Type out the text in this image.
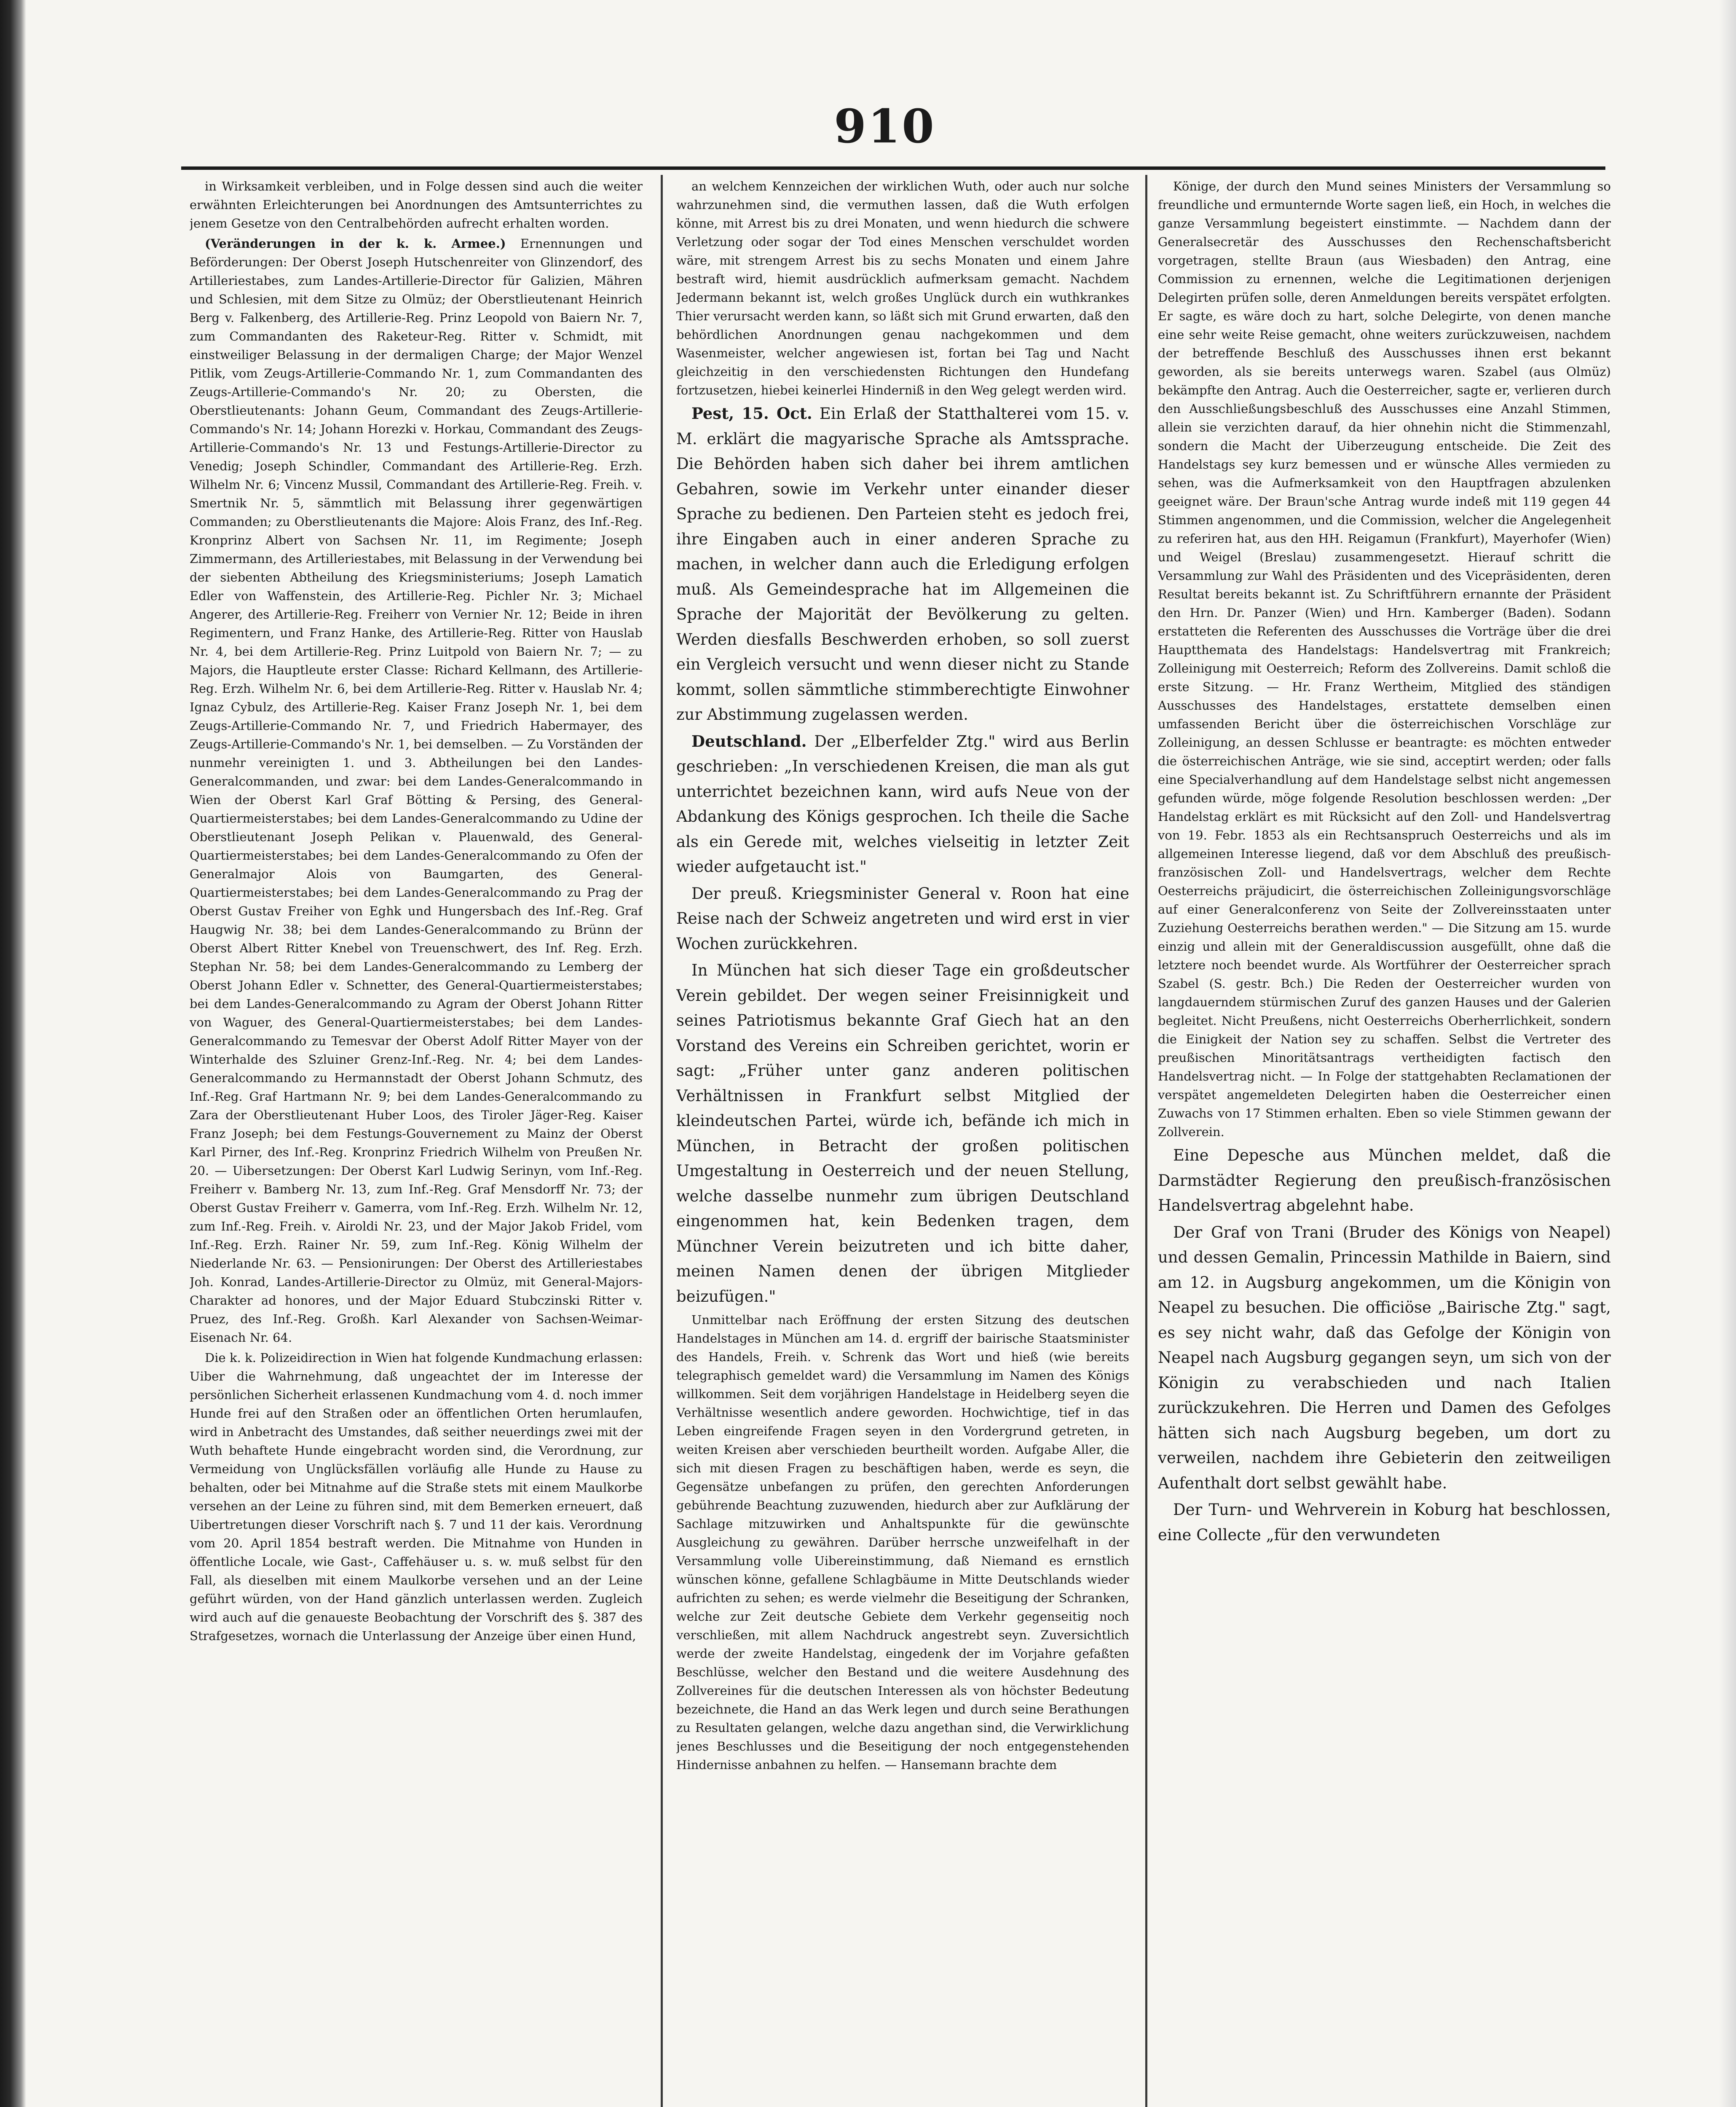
910

in Wirksamkeit verbleiben, und in Folge dessen sind auch die weiter erwähnten Erleichterungen bei Anordnungen des Amtsunterrichtes zu jenem Gesetze von den Centralbehörden aufrecht erhalten worden.

(Veränderungen in der k. k. Armee.) Ernennungen und Beförderungen: Der Oberst Joseph Hutschenreiter von Glinzendorf, des Artilleriestabes, zum Landes-Artillerie-Director für Galizien, Mähren und Schlesien, mit dem Sitze zu Olmüz; der Oberstlieutenant Heinrich Berg v. Falkenberg, des Artillerie-Reg. Prinz Leopold von Baiern Nr. 7, zum Commandanten des Raketeur-Reg. Ritter v. Schmidt, mit einstweiliger Belassung in der dermaligen Charge; der Major Wenzel Pitlik, vom Zeugs-Artillerie-Commando Nr. 1, zum Commandanten des Zeugs-Artillerie-Commando's Nr. 20; zu Obersten, die Oberstlieutenants: Johann Geum, Commandant des Zeugs-Artillerie-Commando's Nr. 14; Johann Horezki v. Horkau, Commandant des Zeugs-Artillerie-Commando's Nr. 13 und Festungs-Artillerie-Director zu Venedig; Joseph Schindler, Commandant des Artillerie-Reg. Erzh. Wilhelm Nr. 6; Vincenz Mussil, Commandant des Artillerie-Reg. Freih. v. Smertnik Nr. 5, sämmtlich mit Belassung ihrer gegenwärtigen Commanden; zu Oberstlieutenants die Majore: Alois Franz, des Inf.-Reg. Kronprinz Albert von Sachsen Nr. 11, im Regimente; Joseph Zimmermann, des Artilleriestabes, mit Belassung in der Verwendung bei der siebenten Abtheilung des Kriegsministeriums; Joseph Lamatich Edler von Waffenstein, des Artillerie-Reg. Pichler Nr. 3; Michael Angerer, des Artillerie-Reg. Freiherr von Vernier Nr. 12; Beide in ihren Regimentern, und Franz Hanke, des Artillerie-Reg. Ritter von Hauslab Nr. 4, bei dem Artillerie-Reg. Prinz Luitpold von Baiern Nr. 7; — zu Majors, die Hauptleute erster Classe: Richard Kellmann, des Artillerie-Reg. Erzh. Wilhelm Nr. 6, bei dem Artillerie-Reg. Ritter v. Hauslab Nr. 4; Ignaz Cybulz, des Artillerie-Reg. Kaiser Franz Joseph Nr. 1, bei dem Zeugs-Artillerie-Commando Nr. 7, und Friedrich Habermayer, des Zeugs-Artillerie-Commando's Nr. 1, bei demselben. — Zu Vorständen der nunmehr vereinigten 1. und 3. Abtheilungen bei den Landes-Generalcommanden, und zwar: bei dem Landes-Generalcommando in Wien der Oberst Karl Graf Bötting & Persing, des General-Quartiermeisterstabes; bei dem Landes-Generalcommando zu Udine der Oberstlieutenant Joseph Pelikan v. Plauenwald, des General-Quartiermeisterstabes; bei dem Landes-Generalcommando zu Ofen der Generalmajor Alois von Baumgarten, des General-Quartiermeisterstabes; bei dem Landes-Generalcommando zu Prag der Oberst Gustav Freiher von Eghk und Hungersbach des Inf.-Reg. Graf Haugwig Nr. 38; bei dem Landes-Generalcommando zu Brünn der Oberst Albert Ritter Knebel von Treuenschwert, des Inf. Reg. Erzh. Stephan Nr. 58; bei dem Landes-Generalcommando zu Lemberg der Oberst Johann Edler v. Schnetter, des General-Quartiermeisterstabes; bei dem Landes-Generalcommando zu Agram der Oberst Johann Ritter von Waguer, des General-Quartiermeisterstabes; bei dem Landes-Generalcommando zu Temesvar der Oberst Adolf Ritter Mayer von der Winterhalde des Szluiner Grenz-Inf.-Reg. Nr. 4; bei dem Landes-Generalcommando zu Hermannstadt der Oberst Johann Schmutz, des Inf.-Reg. Graf Hartmann Nr. 9; bei dem Landes-Generalcommando zu Zara der Oberstlieutenant Huber Loos, des Tiroler Jäger-Reg. Kaiser Franz Joseph; bei dem Festungs-Gouvernement zu Mainz der Oberst Karl Pirner, des Inf.-Reg. Kronprinz Friedrich Wilhelm von Preußen Nr. 20. — Uibersetzungen: Der Oberst Karl Ludwig Serinyn, vom Inf.-Reg. Freiherr v. Bamberg Nr. 13, zum Inf.-Reg. Graf Mensdorff Nr. 73; der Oberst Gustav Freiherr v. Gamerra, vom Inf.-Reg. Erzh. Wilhelm Nr. 12, zum Inf.-Reg. Freih. v. Airoldi Nr. 23, und der Major Jakob Fridel, vom Inf.-Reg. Erzh. Rainer Nr. 59, zum Inf.-Reg. König Wilhelm der Niederlande Nr. 63. — Pensionirungen: Der Oberst des Artilleriestabes Joh. Konrad, Landes-Artillerie-Director zu Olmüz, mit General-Majors-Charakter ad honores, und der Major Eduard Stubczinski Ritter v. Pruez, des Inf.-Reg. Großh. Karl Alexander von Sachsen-Weimar-Eisenach Nr. 64.

Die k. k. Polizeidirection in Wien hat folgende Kundmachung erlassen: Uiber die Wahrnehmung, daß ungeachtet der im Interesse der persönlichen Sicherheit erlassenen Kundmachung vom 4. d. noch immer Hunde frei auf den Straßen oder an öffentlichen Orten herumlaufen, wird in Anbetracht des Umstandes, daß seither neuerdings zwei mit der Wuth behaftete Hunde eingebracht worden sind, die Verordnung, zur Vermeidung von Unglücksfällen vorläufig alle Hunde zu Hause zu behalten, oder bei Mitnahme auf die Straße stets mit einem Maulkorbe versehen an der Leine zu führen sind, mit dem Bemerken erneuert, daß Uibertretungen dieser Vorschrift nach §. 7 und 11 der kais. Verordnung vom 20. April 1854 bestraft werden. Die Mitnahme von Hunden in öffentliche Locale, wie Gast-, Caffehäuser u. s. w. muß selbst für den Fall, als dieselben mit einem Maulkorbe versehen und an der Leine geführt würden, von der Hand gänzlich unterlassen werden. Zugleich wird auch auf die genaueste Beobachtung der Vorschrift des §. 387 des Strafgesetzes, wornach die Unterlassung der Anzeige über einen Hund,

an welchem Kennzeichen der wirklichen Wuth, oder auch nur solche wahrzunehmen sind, die vermuthen lassen, daß die Wuth erfolgen könne, mit Arrest bis zu drei Monaten, und wenn hiedurch die schwere Verletzung oder sogar der Tod eines Menschen verschuldet worden wäre, mit strengem Arrest bis zu sechs Monaten und einem Jahre bestraft wird, hiemit ausdrücklich aufmerksam gemacht. Nachdem Jedermann bekannt ist, welch großes Unglück durch ein wuthkrankes Thier verursacht werden kann, so läßt sich mit Grund erwarten, daß den behördlichen Anordnungen genau nachgekommen und dem Wasenmeister, welcher angewiesen ist, fortan bei Tag und Nacht gleichzeitig in den verschiedensten Richtungen den Hundefang fortzusetzen, hiebei keinerlei Hinderniß in den Weg gelegt werden wird.

Pest, 15. Oct. Ein Erlaß der Statthalterei vom 15. v. M. erklärt die magyarische Sprache als Amtssprache. Die Behörden haben sich daher bei ihrem amtlichen Gebahren, sowie im Verkehr unter einander dieser Sprache zu bedienen. Den Parteien steht es jedoch frei, ihre Eingaben auch in einer anderen Sprache zu machen, in welcher dann auch die Erledigung erfolgen muß. Als Gemeindesprache hat im Allgemeinen die Sprache der Majorität der Bevölkerung zu gelten. Werden diesfalls Beschwerden erhoben, so soll zuerst ein Vergleich versucht und wenn dieser nicht zu Stande kommt, sollen sämmtliche stimmberechtigte Einwohner zur Abstimmung zugelassen werden.

Deutschland. Der „Elberfelder Ztg." wird aus Berlin geschrieben: „In verschiedenen Kreisen, die man als gut unterrichtet bezeichnen kann, wird aufs Neue von der Abdankung des Königs gesprochen. Ich theile die Sache als ein Gerede mit, welches vielseitig in letzter Zeit wieder aufgetaucht ist."

Der preuß. Kriegsminister General v. Roon hat eine Reise nach der Schweiz angetreten und wird erst in vier Wochen zurückkehren.

In München hat sich dieser Tage ein großdeutscher Verein gebildet. Der wegen seiner Freisinnigkeit und seines Patriotismus bekannte Graf Giech hat an den Vorstand des Vereins ein Schreiben gerichtet, worin er sagt: „Früher unter ganz anderen politischen Verhältnissen in Frankfurt selbst Mitglied der kleindeutschen Partei, würde ich, befände ich mich in München, in Betracht der großen politischen Umgestaltung in Oesterreich und der neuen Stellung, welche dasselbe nunmehr zum übrigen Deutschland eingenommen hat, kein Bedenken tragen, dem Münchner Verein beizutreten und ich bitte daher, meinen Namen denen der übrigen Mitglieder beizufügen."

Unmittelbar nach Eröffnung der ersten Sitzung des deutschen Handelstages in München am 14. d. ergriff der bairische Staatsminister des Handels, Freih. v. Schrenk das Wort und hieß (wie bereits telegraphisch gemeldet ward) die Versammlung im Namen des Königs willkommen. Seit dem vorjährigen Handelstage in Heidelberg seyen die Verhältnisse wesentlich andere geworden. Hochwichtige, tief in das Leben eingreifende Fragen seyen in den Vordergrund getreten, in weiten Kreisen aber verschieden beurtheilt worden. Aufgabe Aller, die sich mit diesen Fragen zu beschäftigen haben, werde es seyn, die Gegensätze unbefangen zu prüfen, den gerechten Anforderungen gebührende Beachtung zuzuwenden, hiedurch aber zur Aufklärung der Sachlage mitzuwirken und Anhaltspunkte für die gewünschte Ausgleichung zu gewähren. Darüber herrsche unzweifelhaft in der Versammlung volle Uibereinstimmung, daß Niemand es ernstlich wünschen könne, gefallene Schlagbäume in Mitte Deutschlands wieder aufrichten zu sehen; es werde vielmehr die Beseitigung der Schranken, welche zur Zeit deutsche Gebiete dem Verkehr gegenseitig noch verschließen, mit allem Nachdruck angestrebt seyn. Zuversichtlich werde der zweite Handelstag, eingedenk der im Vorjahre gefaßten Beschlüsse, welcher den Bestand und die weitere Ausdehnung des Zollvereines für die deutschen Interessen als von höchster Bedeutung bezeichnete, die Hand an das Werk legen und durch seine Berathungen zu Resultaten gelangen, welche dazu angethan sind, die Verwirklichung jenes Beschlusses und die Beseitigung der noch entgegenstehenden Hindernisse anbahnen zu helfen. — Hansemann brachte dem

Könige, der durch den Mund seines Ministers der Versammlung so freundliche und ermunternde Worte sagen ließ, ein Hoch, in welches die ganze Versammlung begeistert einstimmte. — Nachdem dann der Generalsecretär des Ausschusses den Rechenschaftsbericht vorgetragen, stellte Braun (aus Wiesbaden) den Antrag, eine Commission zu ernennen, welche die Legitimationen derjenigen Delegirten prüfen solle, deren Anmeldungen bereits verspätet erfolgten. Er sagte, es wäre doch zu hart, solche Delegirte, von denen manche eine sehr weite Reise gemacht, ohne weiters zurückzuweisen, nachdem der betreffende Beschluß des Ausschusses ihnen erst bekannt geworden, als sie bereits unterwegs waren. Szabel (aus Olmüz) bekämpfte den Antrag. Auch die Oesterreicher, sagte er, verlieren durch den Ausschließungsbeschluß des Ausschusses eine Anzahl Stimmen, allein sie verzichten darauf, da hier ohnehin nicht die Stimmenzahl, sondern die Macht der Uiberzeugung entscheide. Die Zeit des Handelstags sey kurz bemessen und er wünsche Alles vermieden zu sehen, was die Aufmerksamkeit von den Hauptfragen abzulenken geeignet wäre. Der Braun'sche Antrag wurde indeß mit 119 gegen 44 Stimmen angenommen, und die Commission, welcher die Angelegenheit zu referiren hat, aus den HH. Reigamun (Frankfurt), Mayerhofer (Wien) und Weigel (Breslau) zusammengesetzt. Hierauf schritt die Versammlung zur Wahl des Präsidenten und des Vicepräsidenten, deren Resultat bereits bekannt ist. Zu Schriftführern ernannte der Präsident den Hrn. Dr. Panzer (Wien) und Hrn. Kamberger (Baden). Sodann erstatteten die Referenten des Ausschusses die Vorträge über die drei Hauptthemata des Handelstags: Handelsvertrag mit Frankreich; Zolleinigung mit Oesterreich; Reform des Zollvereins. Damit schloß die erste Sitzung. — Hr. Franz Wertheim, Mitglied des ständigen Ausschusses des Handelstages, erstattete demselben einen umfassenden Bericht über die österreichischen Vorschläge zur Zolleinigung, an dessen Schlusse er beantragte: es möchten entweder die österreichischen Anträge, wie sie sind, acceptirt werden; oder falls eine Specialverhandlung auf dem Handelstage selbst nicht angemessen gefunden würde, möge folgende Resolution beschlossen werden: „Der Handelstag erklärt es mit Rücksicht auf den Zoll- und Handelsvertrag von 19. Febr. 1853 als ein Rechtsanspruch Oesterreichs und als im allgemeinen Interesse liegend, daß vor dem Abschluß des preußisch-französischen Zoll- und Handelsvertrags, welcher dem Rechte Oesterreichs präjudicirt, die österreichischen Zolleinigungsvorschläge auf einer Generalconferenz von Seite der Zollvereinsstaaten unter Zuziehung Oesterreichs berathen werden." — Die Sitzung am 15. wurde einzig und allein mit der Generaldiscussion ausgefüllt, ohne daß die letztere noch beendet wurde. Als Wortführer der Oesterreicher sprach Szabel (S. gestr. Bch.) Die Reden der Oesterreicher wurden von langdauerndem stürmischen Zuruf des ganzen Hauses und der Galerien begleitet. Nicht Preußens, nicht Oesterreichs Oberherrlichkeit, sondern die Einigkeit der Nation sey zu schaffen. Selbst die Vertreter des preußischen Minoritätsantrags vertheidigten factisch den Handelsvertrag nicht. — In Folge der stattgehabten Reclamationen der verspätet angemeldeten Delegirten haben die Oesterreicher einen Zuwachs von 17 Stimmen erhalten. Eben so viele Stimmen gewann der Zollverein.

Eine Depesche aus München meldet, daß die Darmstädter Regierung den preußisch-französischen Handelsvertrag abgelehnt habe.

Der Graf von Trani (Bruder des Königs von Neapel) und dessen Gemalin, Princessin Mathilde in Baiern, sind am 12. in Augsburg angekommen, um die Königin von Neapel zu besuchen. Die officiöse „Bairische Ztg." sagt, es sey nicht wahr, daß das Gefolge der Königin von Neapel nach Augsburg gegangen seyn, um sich von der Königin zu verabschieden und nach Italien zurückzukehren. Die Herren und Damen des Gefolges hätten sich nach Augsburg begeben, um dort zu verweilen, nachdem ihre Gebieterin den zeitweiligen Aufenthalt dort selbst gewählt habe.

Der Turn- und Wehrverein in Koburg hat beschlossen, eine Collecte „für den verwundeten
